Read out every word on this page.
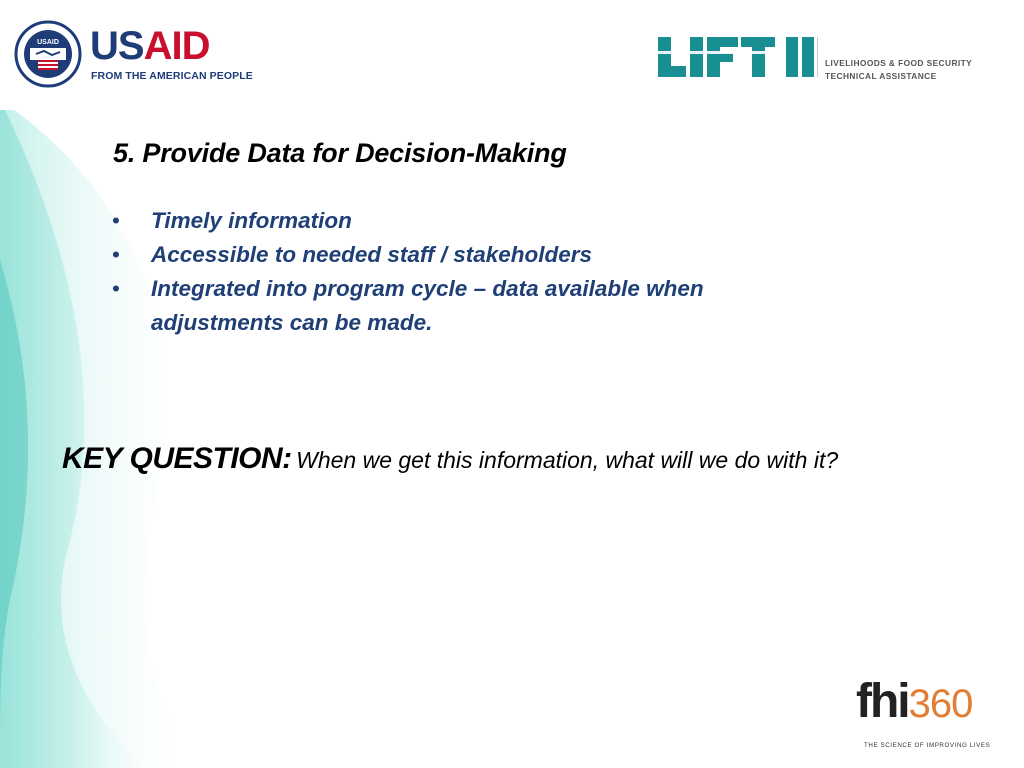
USAID USAID
FROM THE AMERICAN PEOPLE
LIVELIHOODS & FOOD SECURITY
TECHNICAL ASSISTANCE
5. Provide Data for Decision-Making
• Timely information
• Accessible to needed staff / stakeholders
• Integrated into program cycle – data available when adjustments can be made.
KEY QUESTION: When we get this information, what will we do with it?
fhi360
THE SCIENCE OF IMPROVING LIVES
